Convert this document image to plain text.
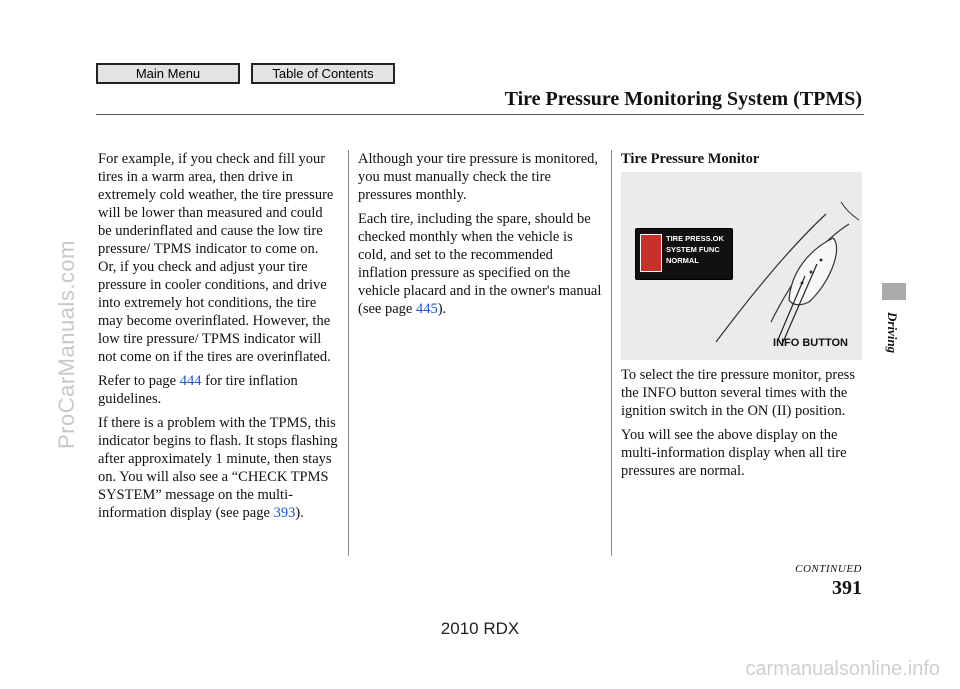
Main Menu	Table of Contents
Tire Pressure Monitoring System (TPMS)

For example, if you check and fill your tires in a warm area, then drive in extremely cold weather, the tire pressure will be lower than measured and could be underinflated and cause the low tire pressure/ TPMS indicator to come on. Or, if you check and adjust your tire pressure in cooler conditions, and drive into extremely hot conditions, the tire may become overinflated. However, the low tire pressure/ TPMS indicator will not come on if the tires are overinflated.

Refer to page 444 for tire inflation guidelines.

If there is a problem with the TPMS, this indicator begins to flash. It stops flashing after approximately 1 minute, then stays on. You will also see a “CHECK TPMS SYSTEM” message on the multi-information display (see page 393).

Although your tire pressure is monitored, you must manually check the tire pressures monthly.

Each tire, including the spare, should be checked monthly when the vehicle is cold, and set to the recommended inflation pressure as specified on the vehicle placard and in the owner's manual (see page 445).

Tire Pressure Monitor
TIRE PRESS.OK
SYSTEM FUNC
NORMAL
INFO BUTTON

To select the tire pressure monitor, press the INFO button several times with the ignition switch in the ON (II) position.

You will see the above display on the multi-information display when all tire pressures are normal.

Driving
CONTINUED
391
ProCarManuals.com
2010 RDX
carmanualsonline.info
